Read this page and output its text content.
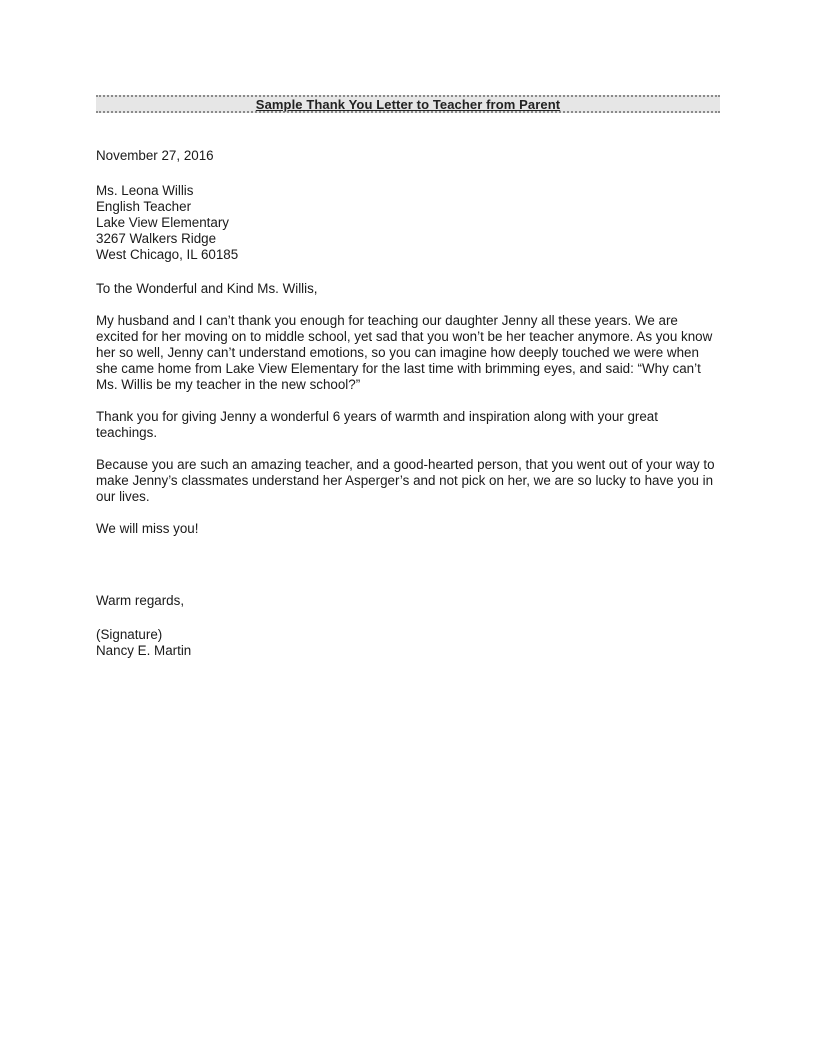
Sample Thank You Letter to Teacher from Parent

November 27, 2016

Ms. Leona Willis
English Teacher
Lake View Elementary
3267 Walkers Ridge
West Chicago, IL 60185

To the Wonderful and Kind Ms. Willis,

My husband and I can’t thank you enough for teaching our daughter Jenny all these years. We are excited for her moving on to middle school, yet sad that you won’t be her teacher anymore. As you know her so well, Jenny can’t understand emotions, so you can imagine how deeply touched we were when she came home from Lake View Elementary for the last time with brimming eyes, and said: “Why can’t Ms. Willis be my teacher in the new school?”

Thank you for giving Jenny a wonderful 6 years of warmth and inspiration along with your great teachings.

Because you are such an amazing teacher, and a good-hearted person, that you went out of your way to make Jenny’s classmates understand her Asperger’s and not pick on her, we are so lucky to have you in our lives.

We will miss you!

Warm regards,

(Signature)
Nancy E. Martin
